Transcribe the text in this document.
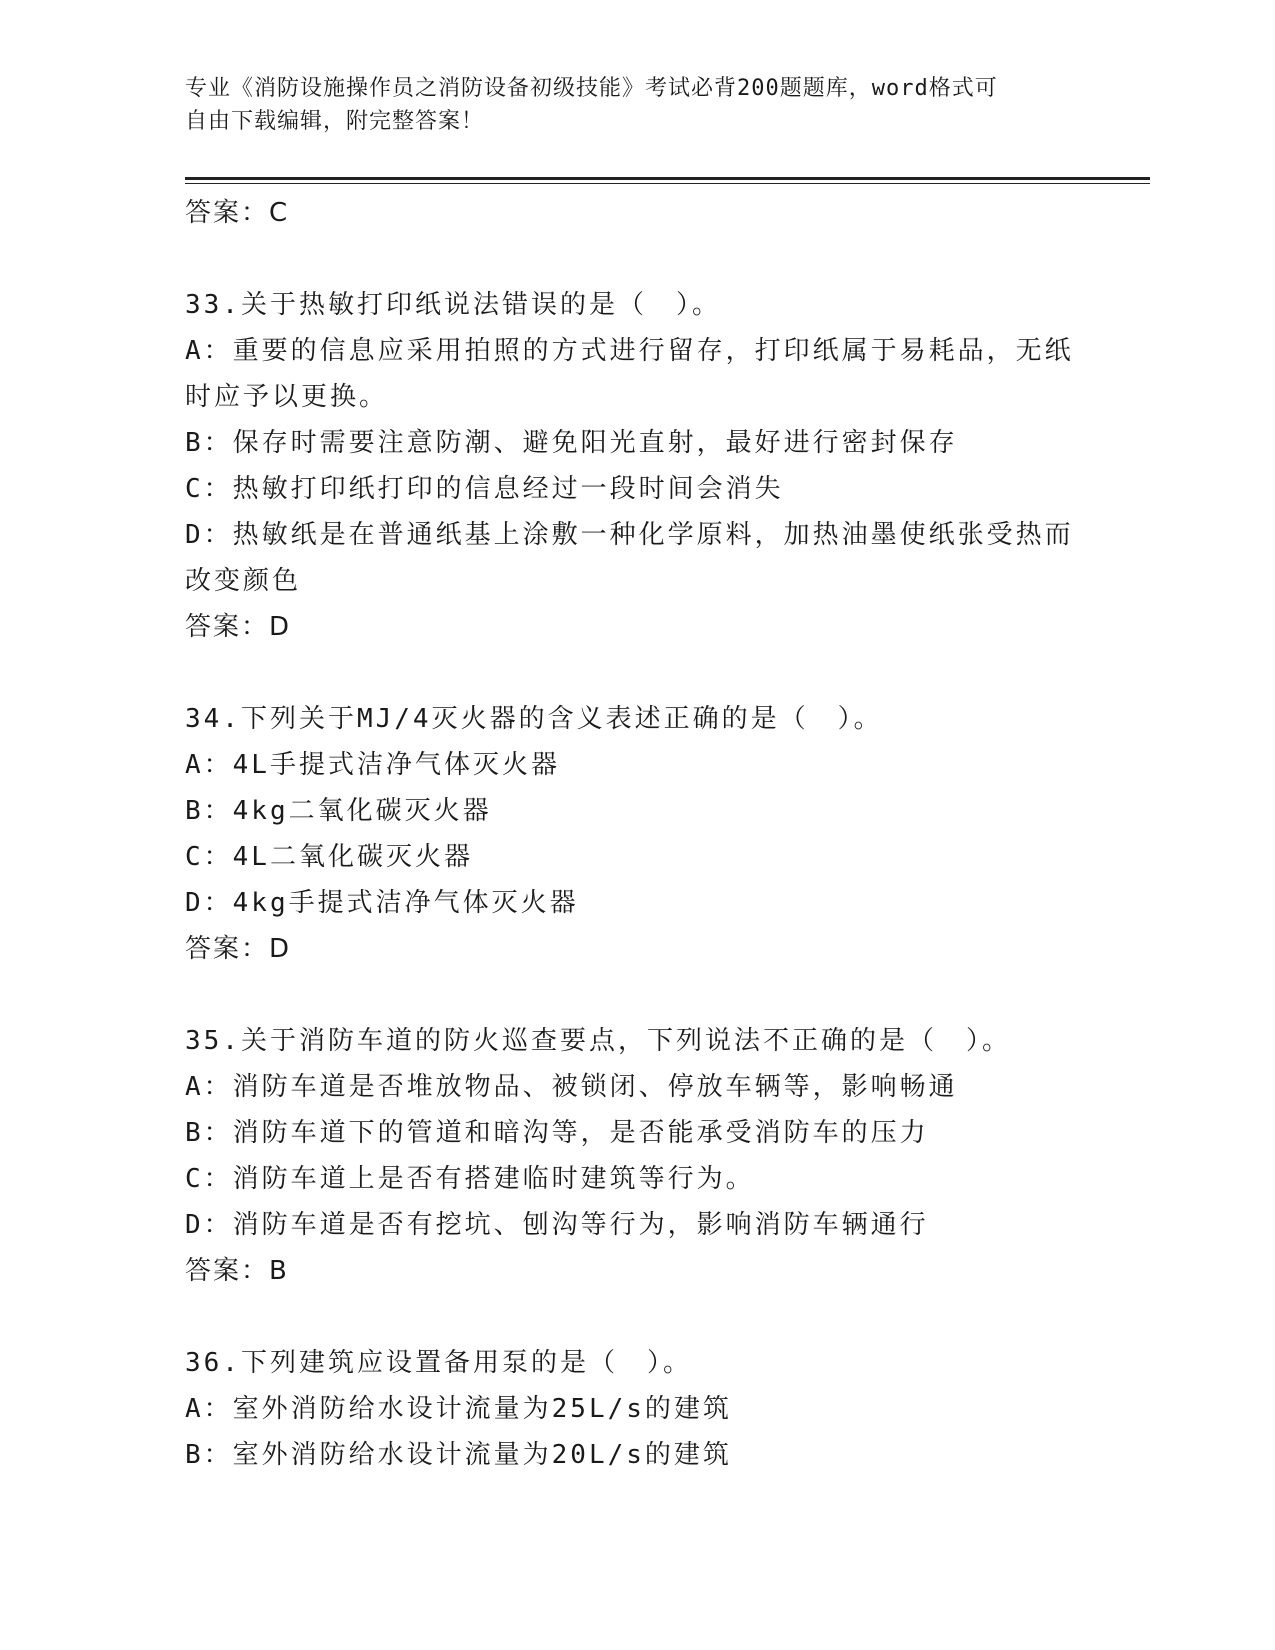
专业《消防设施操作员之消防设备初级技能》考试必背200题题库，word格式可
自由下载编辑，附完整答案！
答案：C
33.关于热敏打印纸说法错误的是（　）。
A：重要的信息应采用拍照的方式进行留存，打印纸属于易耗品，无纸
时应予以更换。
B：保存时需要注意防潮、避免阳光直射，最好进行密封保存
C：热敏打印纸打印的信息经过一段时间会消失
D：热敏纸是在普通纸基上涂敷一种化学原料，加热油墨使纸张受热而
改变颜色
答案：D
34.下列关于MJ/4灭火器的含义表述正确的是（　）。
A：4L手提式洁净气体灭火器
B：4kg二氧化碳灭火器
C：4L二氧化碳灭火器
D：4kg手提式洁净气体灭火器
答案：D
35.关于消防车道的防火巡查要点，下列说法不正确的是（　）。
A：消防车道是否堆放物品、被锁闭、停放车辆等，影响畅通
B：消防车道下的管道和暗沟等，是否能承受消防车的压力
C：消防车道上是否有搭建临时建筑等行为。
D：消防车道是否有挖坑、刨沟等行为，影响消防车辆通行
答案：B
36.下列建筑应设置备用泵的是（　）。
A：室外消防给水设计流量为25L/s的建筑
B：室外消防给水设计流量为20L/s的建筑
